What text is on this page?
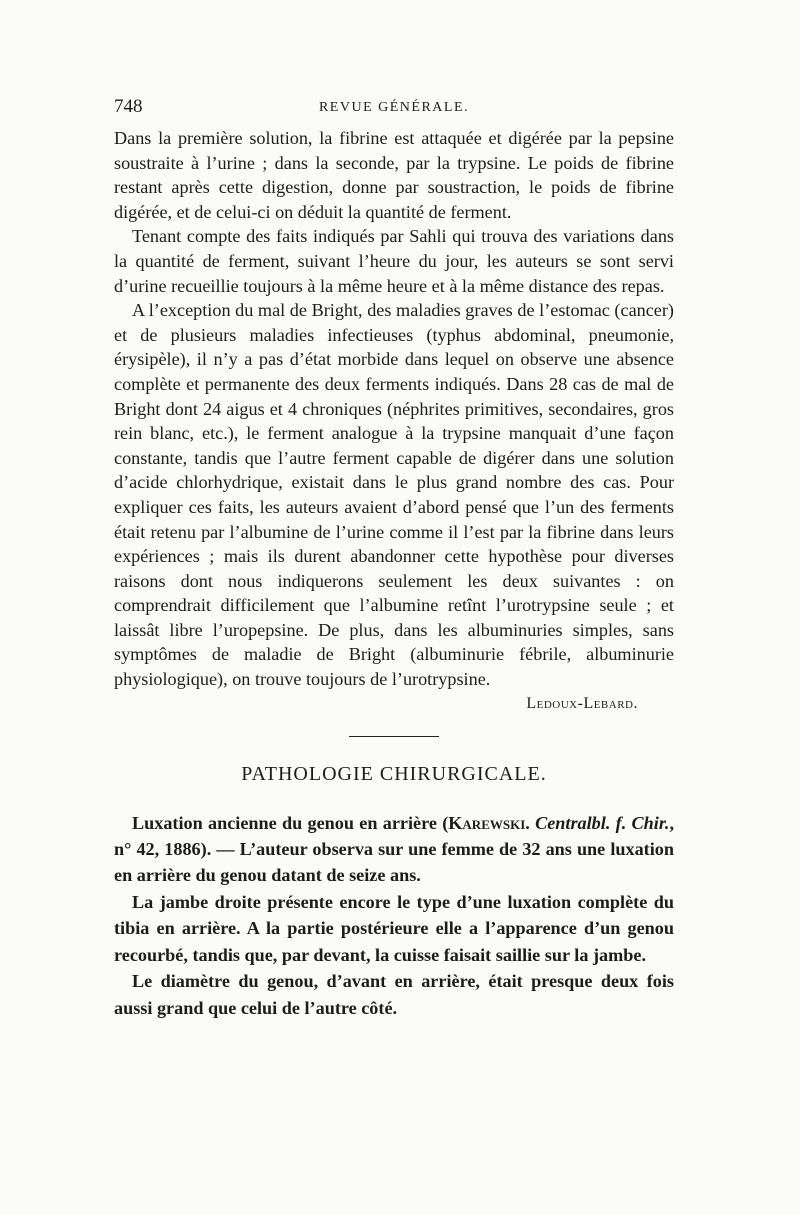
748	REVUE GÉNÉRALE.

Dans la première solution, la fibrine est attaquée et digérée par la pepsine soustraite à l’urine ; dans la seconde, par la trypsine. Le poids de fibrine restant après cette digestion, donne par soustraction, le poids de fibrine digérée, et de celui-ci on déduit la quantité de ferment.

Tenant compte des faits indiqués par Sahli qui trouva des variations dans la quantité de ferment, suivant l’heure du jour, les auteurs se sont servi d’urine recueillie toujours à la même heure et à la même distance des repas.

A l’exception du mal de Bright, des maladies graves de l’estomac (cancer) et de plusieurs maladies infectieuses (typhus abdominal, pneumonie, érysipèle), il n’y a pas d’état morbide dans lequel on observe une absence complète et permanente des deux ferments indiqués. Dans 28 cas de mal de Bright dont 24 aigus et 4 chroniques (néphrites primitives, secondaires, gros rein blanc, etc.), le ferment analogue à la trypsine manquait d’une façon constante, tandis que l’autre ferment capable de digérer dans une solution d’acide chlorhydrique, existait dans le plus grand nombre des cas. Pour expliquer ces faits, les auteurs avaient d’abord pensé que l’un des ferments était retenu par l’albumine de l’urine comme il l’est par la fibrine dans leurs expériences ; mais ils durent abandonner cette hypothèse pour diverses raisons dont nous indiquerons seulement les deux suivantes : on comprendrait difficilement que l’albumine retînt l’urotrypsine seule ; et laissât libre l’uropepsine. De plus, dans les albuminuries simples, sans symptômes de maladie de Bright (albuminurie fébrile, albuminurie physiologique), on trouve toujours de l’urotrypsine.

Ledoux-Lebard.

PATHOLOGIE CHIRURGICALE.

Luxation ancienne du genou en arrière (Karewski. Centralbl. f. Chir., n° 42, 1886). — L’auteur observa sur une femme de 32 ans une luxation en arrière du genou datant de seize ans.

La jambe droite présente encore le type d’une luxation complète du tibia en arrière. A la partie postérieure elle a l’apparence d’un genou recourbé, tandis que, par devant, la cuisse faisait saillie sur la jambe.

Le diamètre du genou, d’avant en arrière, était presque deux fois aussi grand que celui de l’autre côté.
